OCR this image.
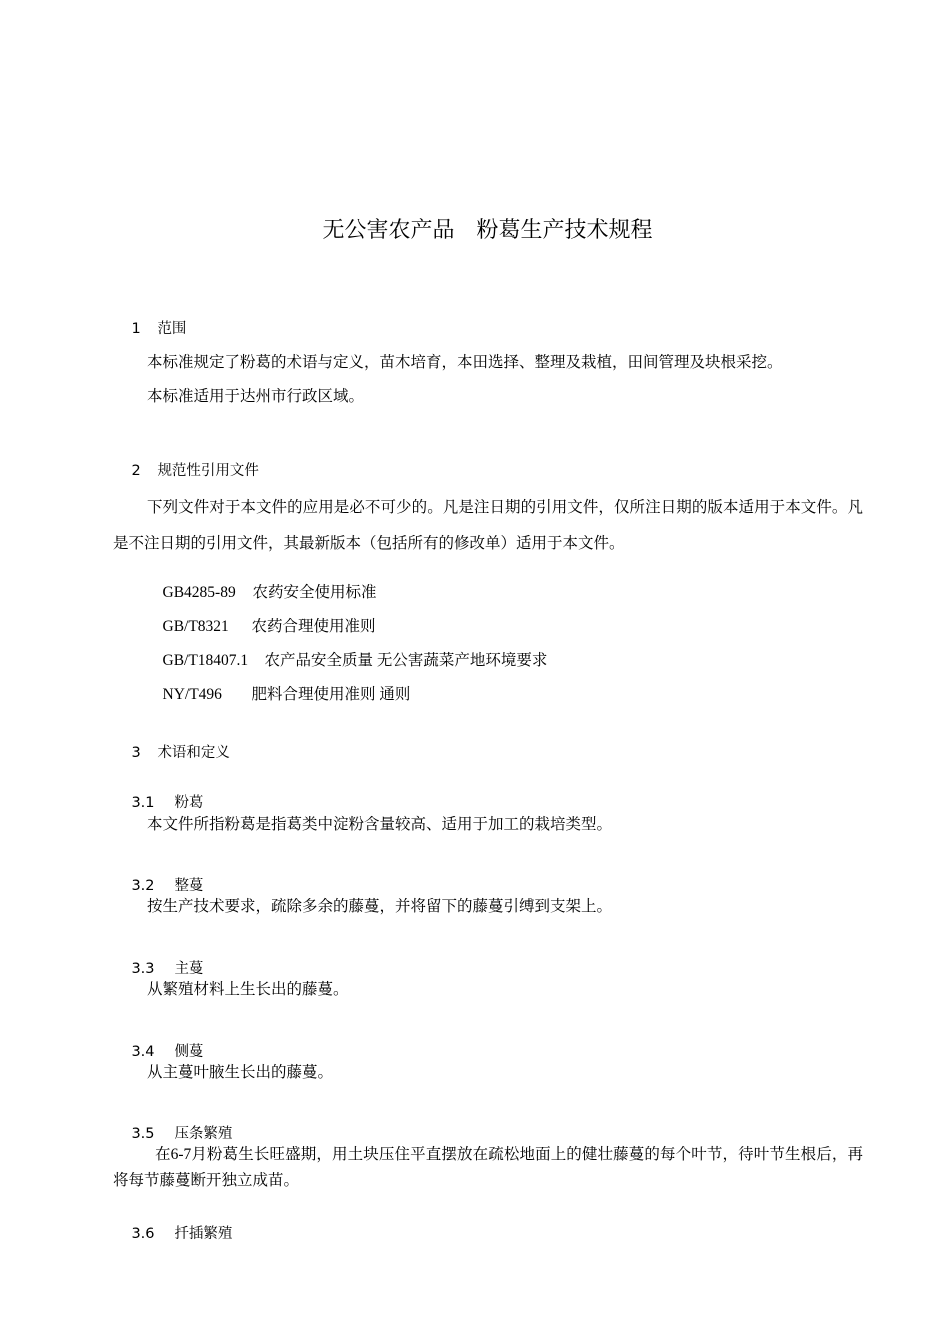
无公害农产品　粉葛生产技术规程

1 范围

本标准规定了粉葛的术语与定义，苗木培育，本田选择、整理及栽植，田间管理及块根采挖。
本标准适用于达州市行政区域。

2 规范性引用文件

下列文件对于本文件的应用是必不可少的。凡是注日期的引用文件，仅所注日期的版本适用于本文件。凡是不注日期的引用文件，其最新版本（包括所有的修改单）适用于本文件。

GB4285-89 农药安全使用标准

GB/T8321 农药合理使用准则

GB/T18407.1 农产品安全质量 无公害蔬菜产地环境要求

NY/T496 肥料合理使用准则 通则

3 术语和定义

3.1 粉葛

本文件所指粉葛是指葛类中淀粉含量较高、适用于加工的栽培类型。

3.2 整蔓

按生产技术要求，疏除多余的藤蔓，并将留下的藤蔓引缚到支架上。

3.3 主蔓

从繁殖材料上生长出的藤蔓。

3.4 侧蔓

从主蔓叶腋生长出的藤蔓。

3.5 压条繁殖

在6-7月粉葛生长旺盛期，用土块压住平直摆放在疏松地面上的健壮藤蔓的每个叶节，待叶节生根后，再将每节藤蔓断开独立成苗。

3.6 扦插繁殖
